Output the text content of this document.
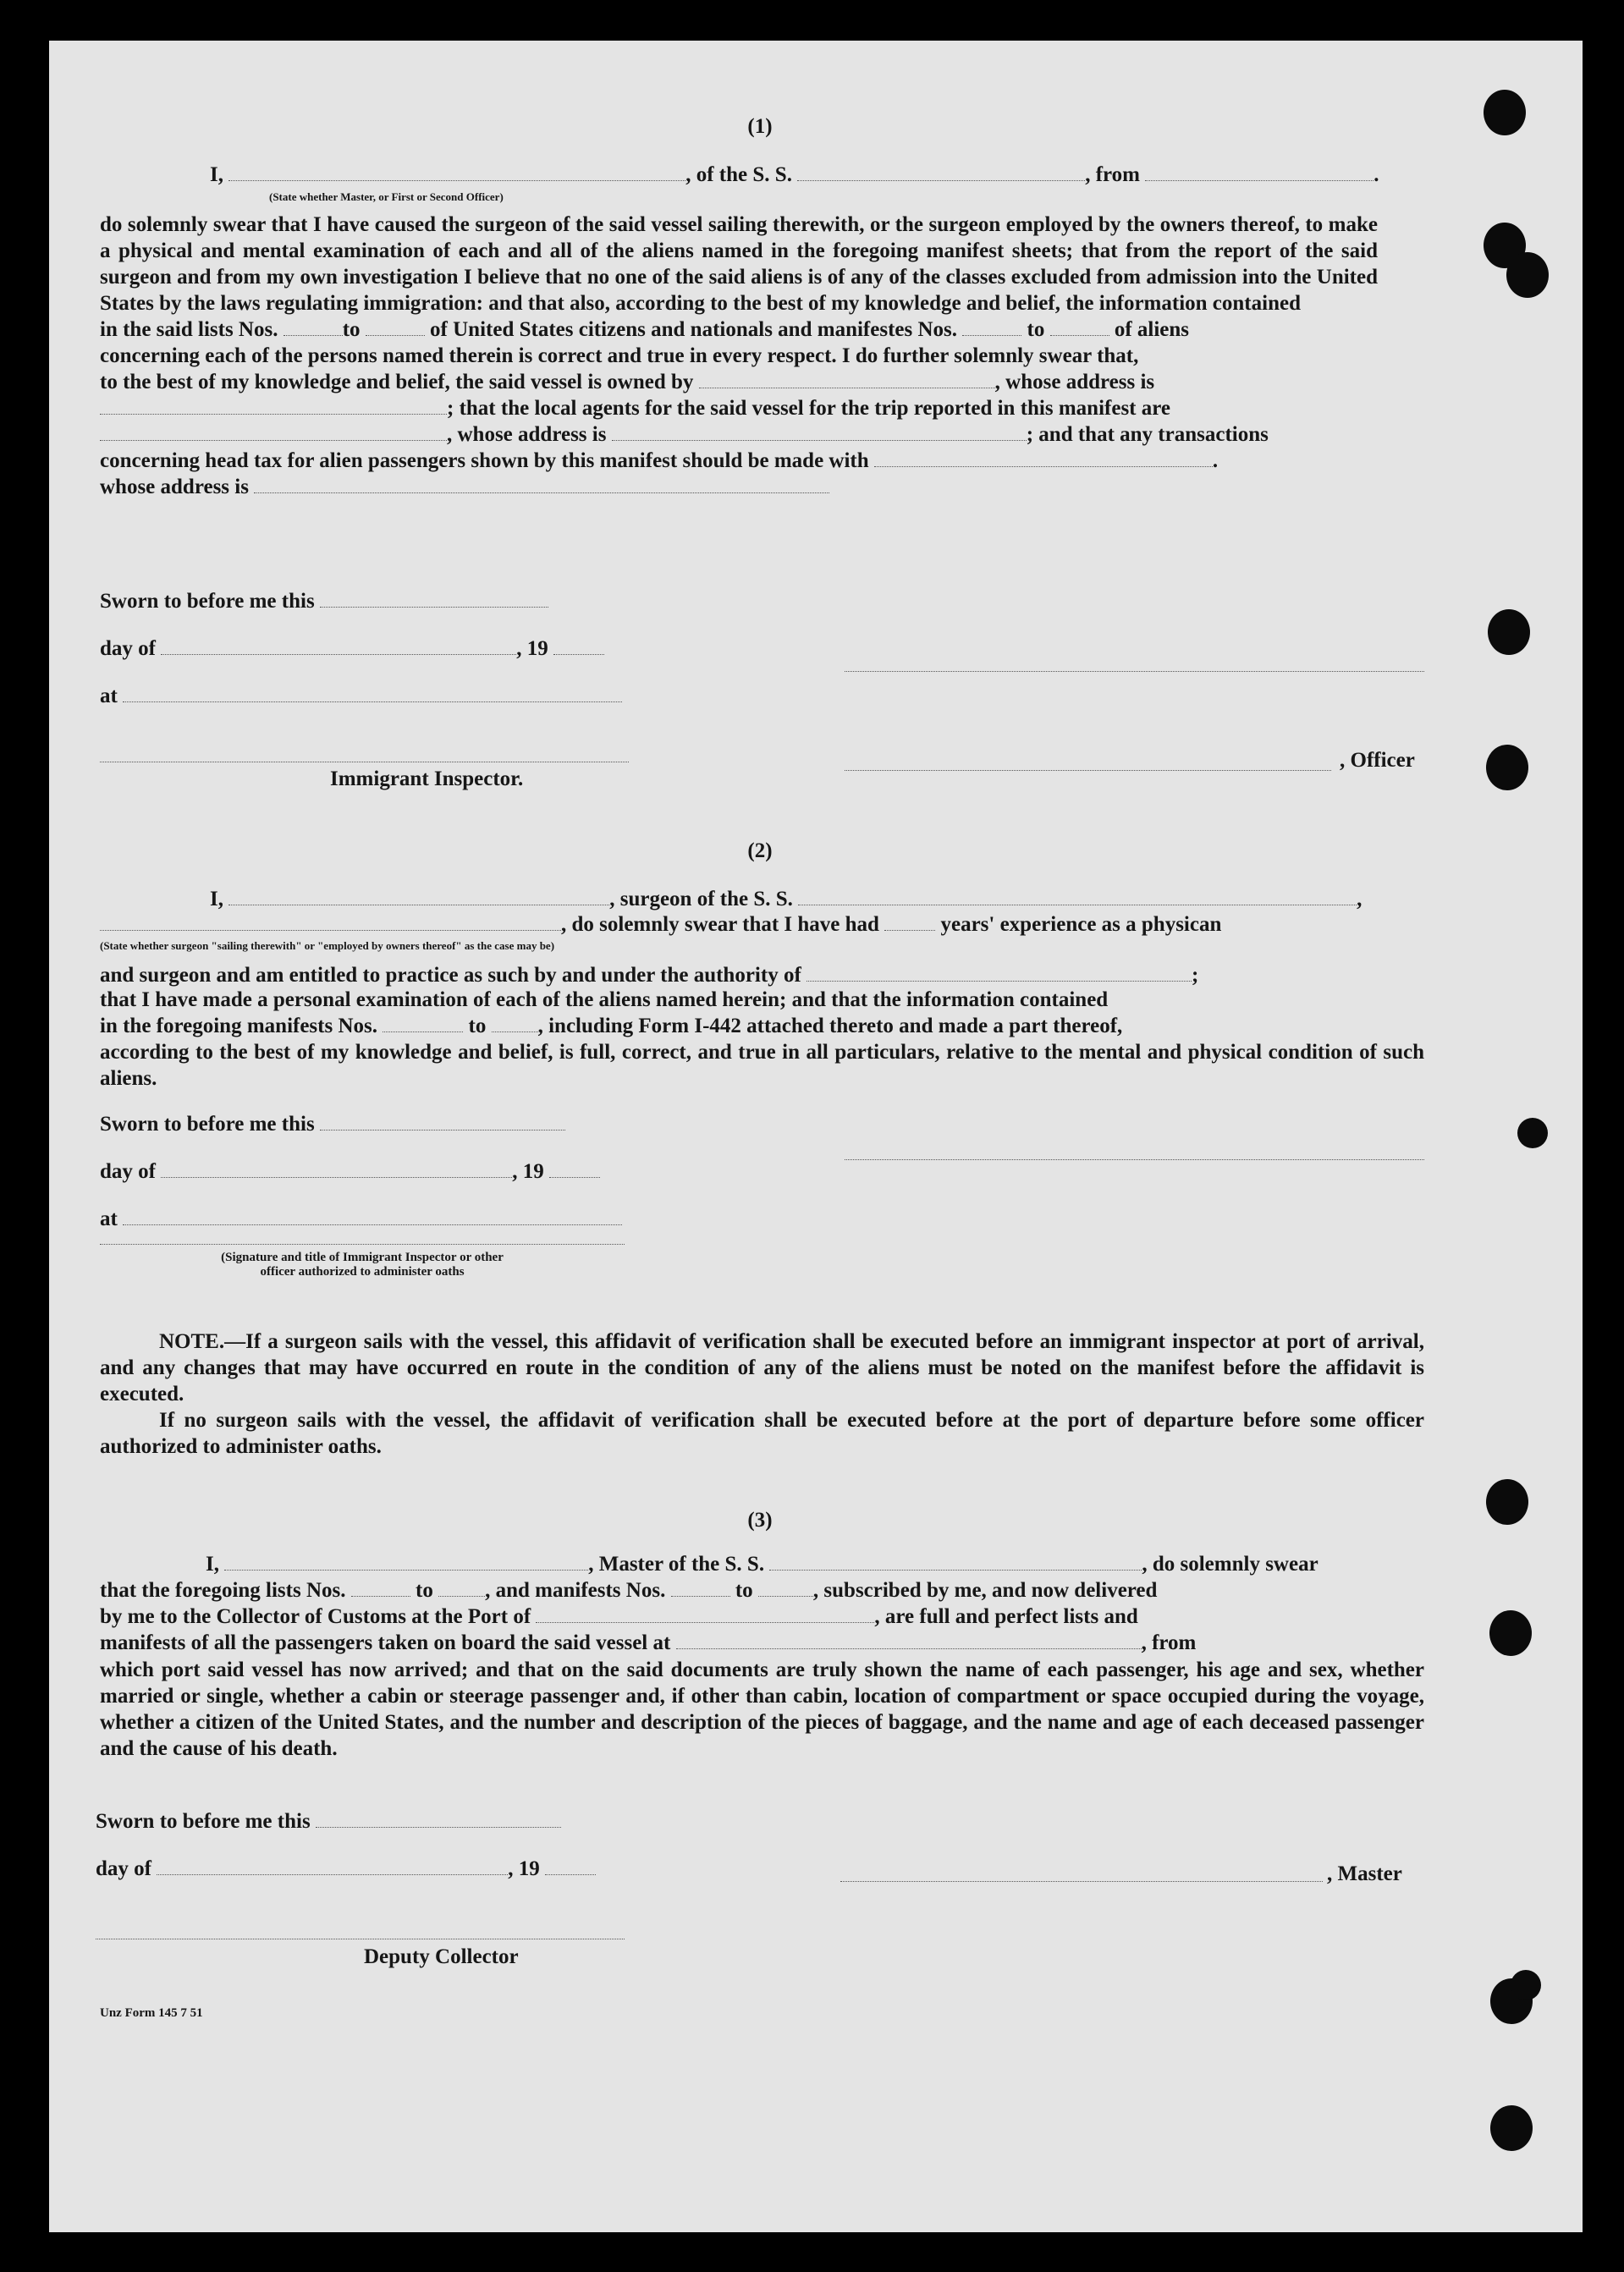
(1)
I,	, of the S. S.	, from	.
(State whether Master, or First or Second Officer)

do solemnly swear that I have caused the surgeon of the said vessel sailing therewith, or the surgeon employed by the owners thereof, to make a physical and mental examination of each and all of the aliens named in the foregoing manifest sheets; that from the report of the said surgeon and from my own investigation I believe that no one of the said aliens is of any of the classes excluded from admission into the United States by the laws regulating immigration: and that also, according to the best of my knowledge and belief, the information contained

in the said lists Nos.	to	of United States citizens and nationals and manifestes Nos.	to	of aliens

concerning each of the persons named therein is correct and true in every respect. I do further solemnly swear that,

to the best of my knowledge and belief, the said vessel is owned by	, whose address is

; that the local agents for the said vessel for the trip reported in this manifest are

, whose address is	; and that any transactions

concerning head tax for alien passengers shown by this manifest should be made with	.

whose address is

Sworn to before me this
day of	, 19
at
, Officer
Immigrant Inspector.
(2)
I,	, surgeon of the S. S.	,
, do solemnly swear that I have had	years' experience as a physican
(State whether surgeon "sailing therewith" or "employed by owners thereof" as the case may be)
and surgeon and am entitled to practice as such by and under the authority of	;

that I have made a personal examination of each of the aliens named herein; and that the information contained

in the foregoing manifests Nos.	to , including Form I-442 attached thereto and made a part thereof,

according to the best of my knowledge and belief, is full, correct, and true in all particulars, relative to the mental and physical condition of such aliens.

Sworn to before me this
day of	, 19
at
(Signature and title of Immigrant Inspector or other
officer authorized to administer oaths

NOTE.—If a surgeon sails with the vessel, this affidavit of verification shall be executed before an immigrant inspector at port of arrival, and any changes that may have occurred en route in the condition of any of the aliens must be noted on the manifest before the affidavit is executed.

If no surgeon sails with the vessel, the affidavit of verification shall be executed before at the port of departure before some officer authorized to administer oaths.

(3)
I,	, Master of the S. S.	, do solemnly swear
that the foregoing lists Nos.	to , and manifests Nos.	to	, subscribed by me, and now delivered
by me to the Collector of Customs at the Port of	, are full and perfect lists and
manifests of all the passengers taken on board the said vessel at	, from

which port said vessel has now arrived; and that on the said documents are truly shown the name of each passenger, his age and sex, whether married or single, whether a cabin or steerage passenger and, if other than cabin, location of compartment or space occupied during the voyage, whether a citizen of the United States, and the number and description of the pieces of baggage, and the name and age of each deceased passenger and the cause of his death.

Sworn to before me this
day of	, 19	, Master
Deputy Collector
Unz Form 145 7 51
